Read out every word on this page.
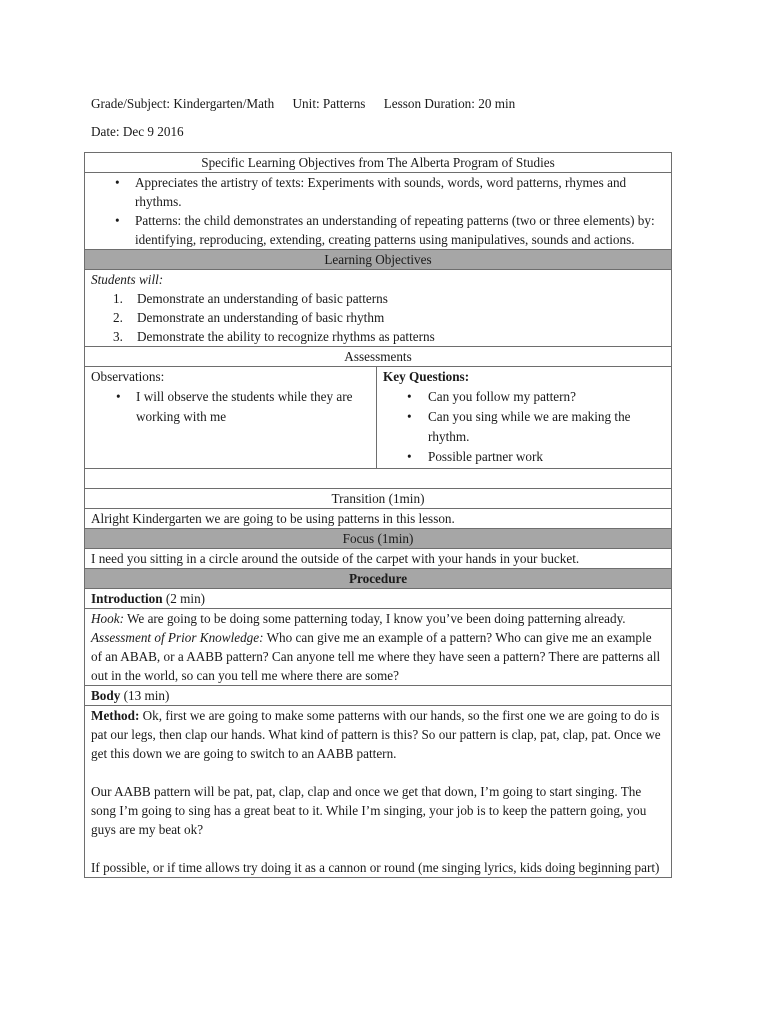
Grade/Subject: Kindergarten/Math Unit: Patterns Lesson Duration: 20 min
Date: Dec 9 2016
Specific Learning Objectives from The Alberta Program of Studies

• Appreciates the artistry of texts: Experiments with sounds, words, word patterns, rhymes and rhythms.
• Patterns: the child demonstrates an understanding of repeating patterns (two or three elements) by: identifying, reproducing, extending, creating patterns using manipulatives, sounds and actions.

Learning Objectives

Students will:
1. Demonstrate an understanding of basic patterns
2. Demonstrate an understanding of basic rhythm
3. Demonstrate the ability to recognize rhythms as patterns

Assessments

Observations:
• I will observe the students while they are working with me

Key Questions:
• Can you follow my pattern?
• Can you sing while we are making the rhythm.
• Possible partner work

Transition (1min)
Alright Kindergarten we are going to be using patterns in this lesson.
Focus (1min)
I need you sitting in a circle around the outside of the carpet with your hands in your bucket.
Procedure
Introduction (2 min)

Hook: We are going to be doing some patterning today, I know you’ve been doing patterning already.

Assessment of Prior Knowledge: Who can give me an example of a pattern? Who can give me an example of an ABAB, or a AABB pattern? Can anyone tell me where they have seen a pattern? There are patterns all out in the world, so can you tell me where there are some?

Body (13 min)

Method: Ok, first we are going to make some patterns with our hands, so the first one we are going to do is pat our legs, then clap our hands. What kind of pattern is this? So our pattern is clap, pat, clap, pat. Once we get this down we are going to switch to an AABB pattern.

Our AABB pattern will be pat, pat, clap, clap and once we get that down, I’m going to start singing. The song I’m going to sing has a great beat to it. While I’m singing, your job is to keep the pattern going, you guys are my beat ok?

If possible, or if time allows try doing it as a cannon or round (me singing lyrics, kids doing beginning part)
